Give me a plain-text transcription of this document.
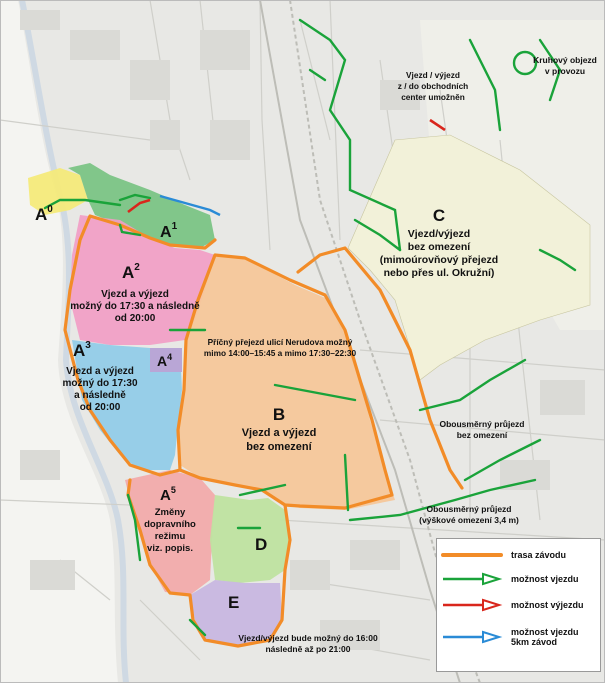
$A^0$
$A^1$
$A^2$
Vjezd a výjezd
možný do 17:30 a následně
od 20:00
$A^3$
Vjezd a výjezd
možný do 17:30
a následně
od 20:00
$A^4$
$A^5$
Změny
dopravního
režimu
viz. popis.
B
Vjezd a výjezd
bez omezení
C
Vjezd/výjezd
bez omezení
(mimoúrovňový přejezd
nebo přes ul. Okružní)
D
E
Příčný přejezd ulicí Nerudova možný
mimo 14:00–15:45 a mimo 17:30–22:30
Kruhový objezd
v provozu
Vjezd / výjezd
z / do obchodních
center umožněn
Obousměrný průjezd
bez omezení
Obousměrný průjezd
(výškové omezení 3,4 m)
Vjezd/výjezd bude možný do 16:00
následně až po 21:00
trasa závodu
možnost vjezdu
možnost výjezdu
možnost vjezdu
5km závod
